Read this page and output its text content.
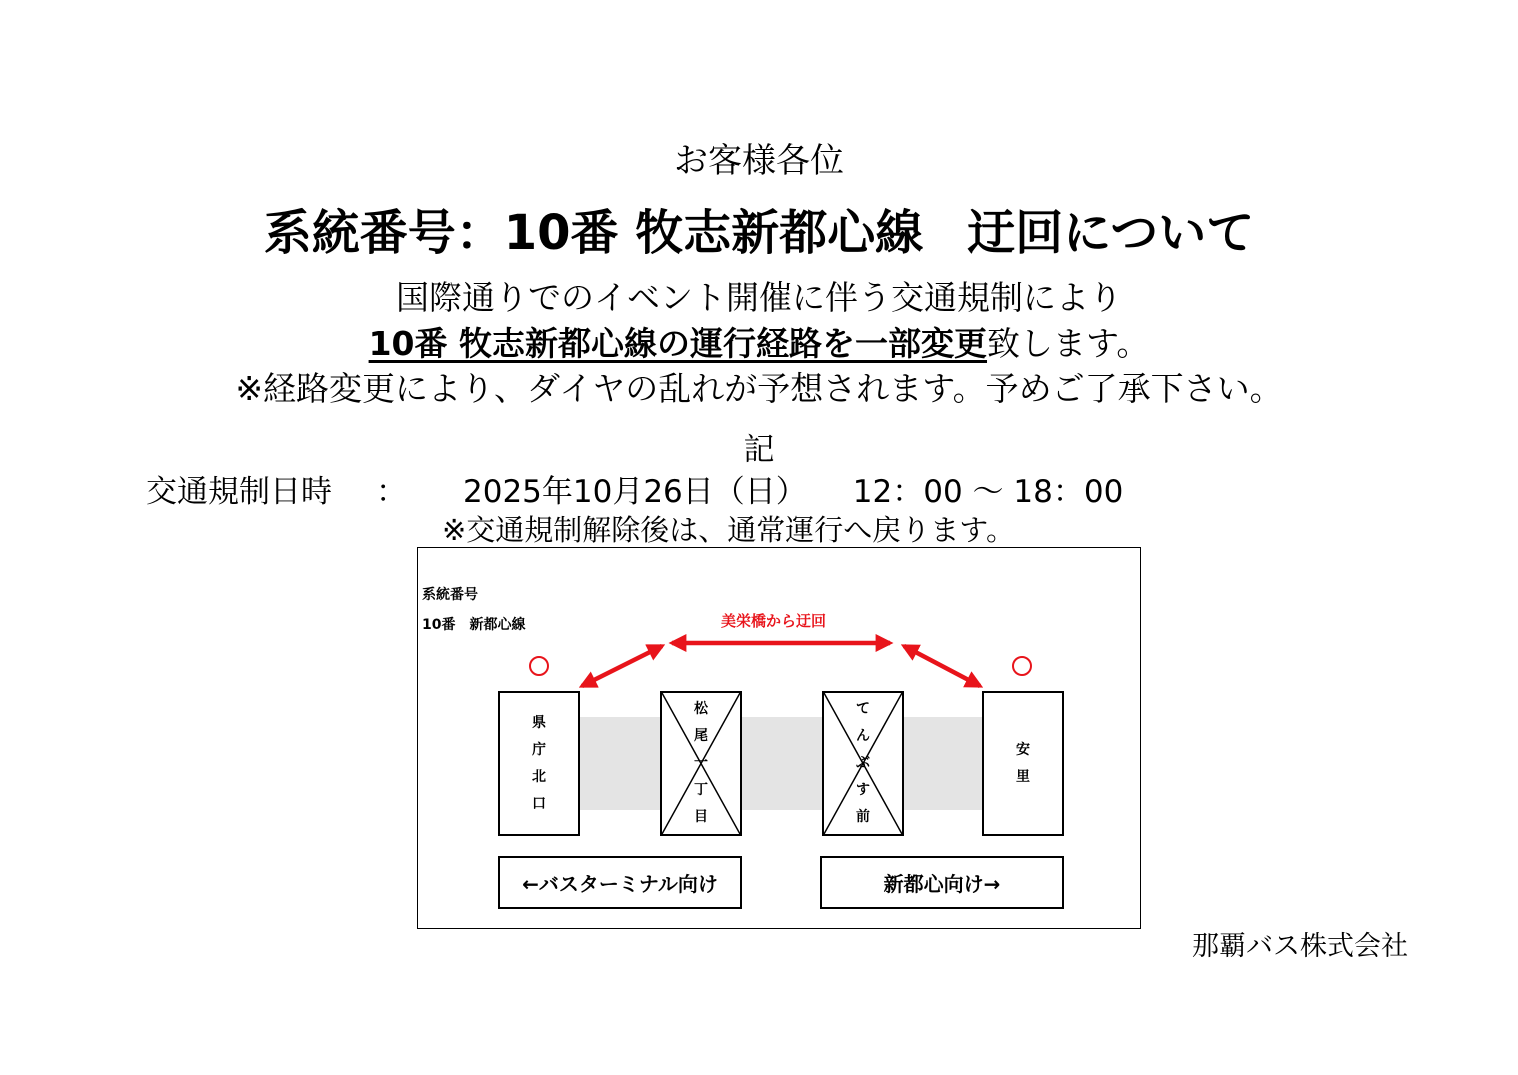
お客様各位
系統番号：10番 牧志新都心線 迂回について
国際通りでのイベント開催に伴う交通規制により
10番 牧志新都心線の運行経路を一部変更致します。
※経路変更により、ダイヤの乱れが予想されます。予めご了承下さい。
記
交通規制日時 ： 2025年10月26日（日） 12：00 ～ 18：00
※交通規制解除後は、通常運行へ戻ります。
系統番号
10番　新都心線	美栄橋から迂回
県
庁
北
口
松
尾
一
丁
目
て
ん
ぶ
す
前
安
里
←バスターミナル向け	新都心向け→
那覇バス株式会社
